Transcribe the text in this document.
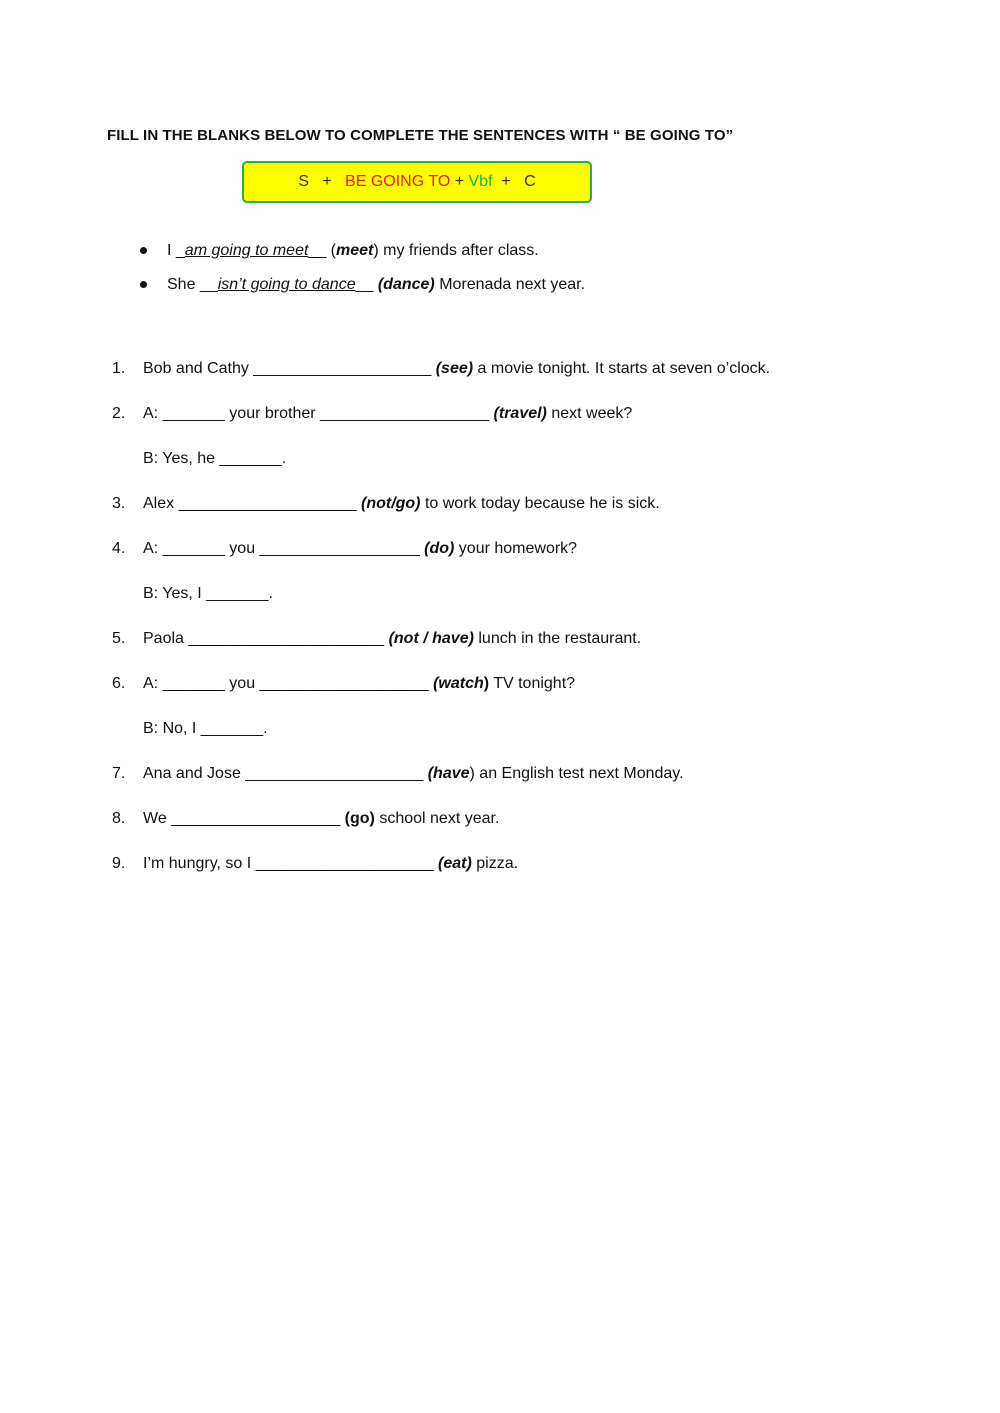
FILL IN THE BLANKS BELOW TO COMPLETE THE SENTENCES WITH “ BE GOING TO”
S   + BE GOING TO + Vbf +   C
I _am going to meet__ (meet) my friends after class.
She __isn’t going to dance__ (dance) Morenada next year.
1.	Bob and Cathy ____________________ (see) a movie tonight. It starts at seven o’clock.
2.	A: _______ your brother ___________________ (travel) next week?
B: Yes, he _______.
3.	Alex ____________________ (not/go) to work today because he is sick.
4.	A: _______ you __________________ (do) your homework?
B: Yes, I _______.
5.	Paola ______________________ (not / have) lunch in the restaurant.
6.	A: _______ you ___________________ (watch) TV tonight?
B: No, I _______.
7.	Ana and Jose ____________________ (have) an English test next Monday.
8.	We ___________________ (go) school next year.
9.	I’m hungry, so I ____________________ (eat) pizza.
